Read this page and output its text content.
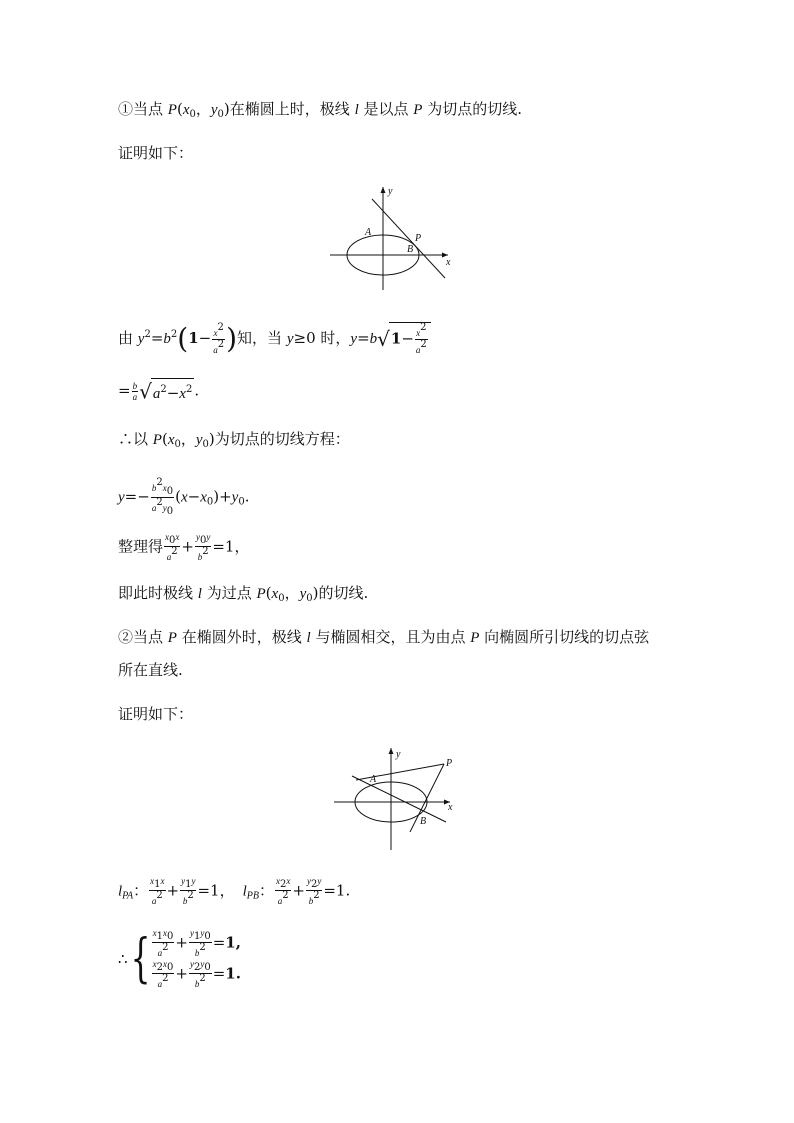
①当点 $P(x_0$，$y_0$)在椭圆上时，极线 l 是以点 P 为切点的切线.
证明如下：
y
A
P
B
x
由 $y^2=b^2(1- \frac{x^2}{a^2}$ )知，当 y≥0 时，$y=b√1- \frac{x^2}{a^2}$
= $\frac{b}{a} √a^2-x^2$ .
∴以 $P(x_0$，$y_0$)为切点的切线方程：
$y=- \frac{b^2x_0}{a^2y_0} (x-x_0)+y_0$.
整理得 $\frac{x_0x}{a^2} + \frac{y_0y}{b^2} =1$，
即此时极线 l 为过点 $P(x_0$，$y_0$)的切线.
②当点 P 在椭圆外时，极线 l 与椭圆相交，且为由点 P 向椭圆所引切线的切点弦
所在直线.
证明如下：
y
P
A
x
B
$l_{PA}$： $\frac{x_1x}{a^2} + \frac{y_1y}{b^2} =1$， $l_{PB}$： $\frac{x_2x}{a^2} + \frac{y_2y}{b^2} =1$.
∴{ $\frac{x_1x_0}{a^2} + \frac{y_1y_0}{b^2} =1$,
$\frac{x_2x_0}{a^2} + \frac{y_2y_0}{b^2} =1$.
